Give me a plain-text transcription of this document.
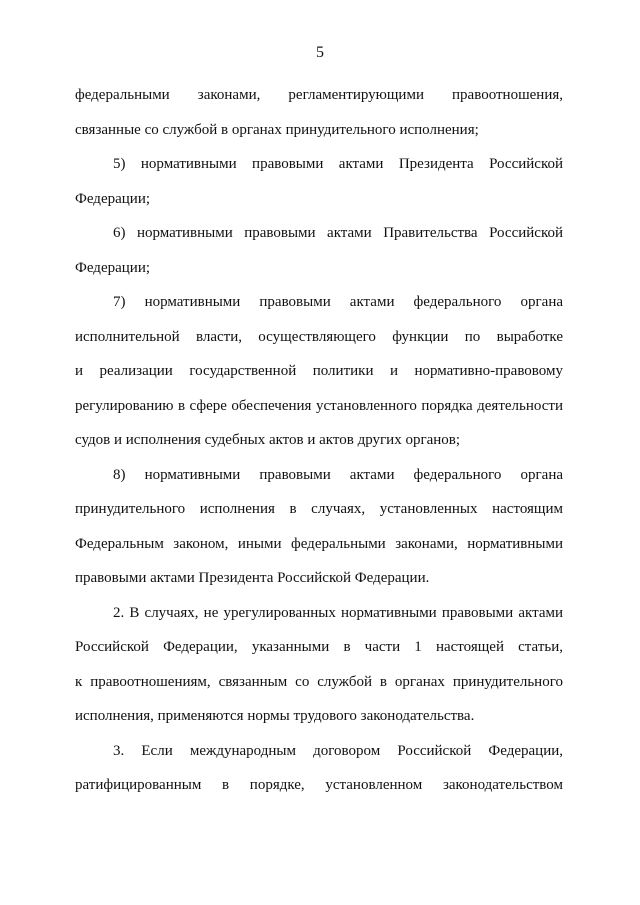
5
федеральными законами, регламентирующими правоотношения,
связанные со службой в органах принудительного исполнения;
5) нормативными правовыми актами Президента Российской
Федерации;
6) нормативными правовыми актами Правительства Российской
Федерации;
7) нормативными правовыми актами федерального органа
исполнительной власти, осуществляющего функции по выработке
и реализации государственной политики и нормативно-правовому
регулированию в сфере обеспечения установленного порядка деятельности
судов и исполнения судебных актов и актов других органов;
8) нормативными правовыми актами федерального органа
принудительного исполнения в случаях, установленных настоящим
Федеральным законом, иными федеральными законами, нормативными
правовыми актами Президента Российской Федерации.
2. В случаях, не урегулированных нормативными правовыми актами
Российской Федерации, указанными в части 1 настоящей статьи,
к правоотношениям, связанным со службой в органах принудительного
исполнения, применяются нормы трудового законодательства.
3. Если международным договором Российской Федерации,
ратифицированным в порядке, установленном законодательством
